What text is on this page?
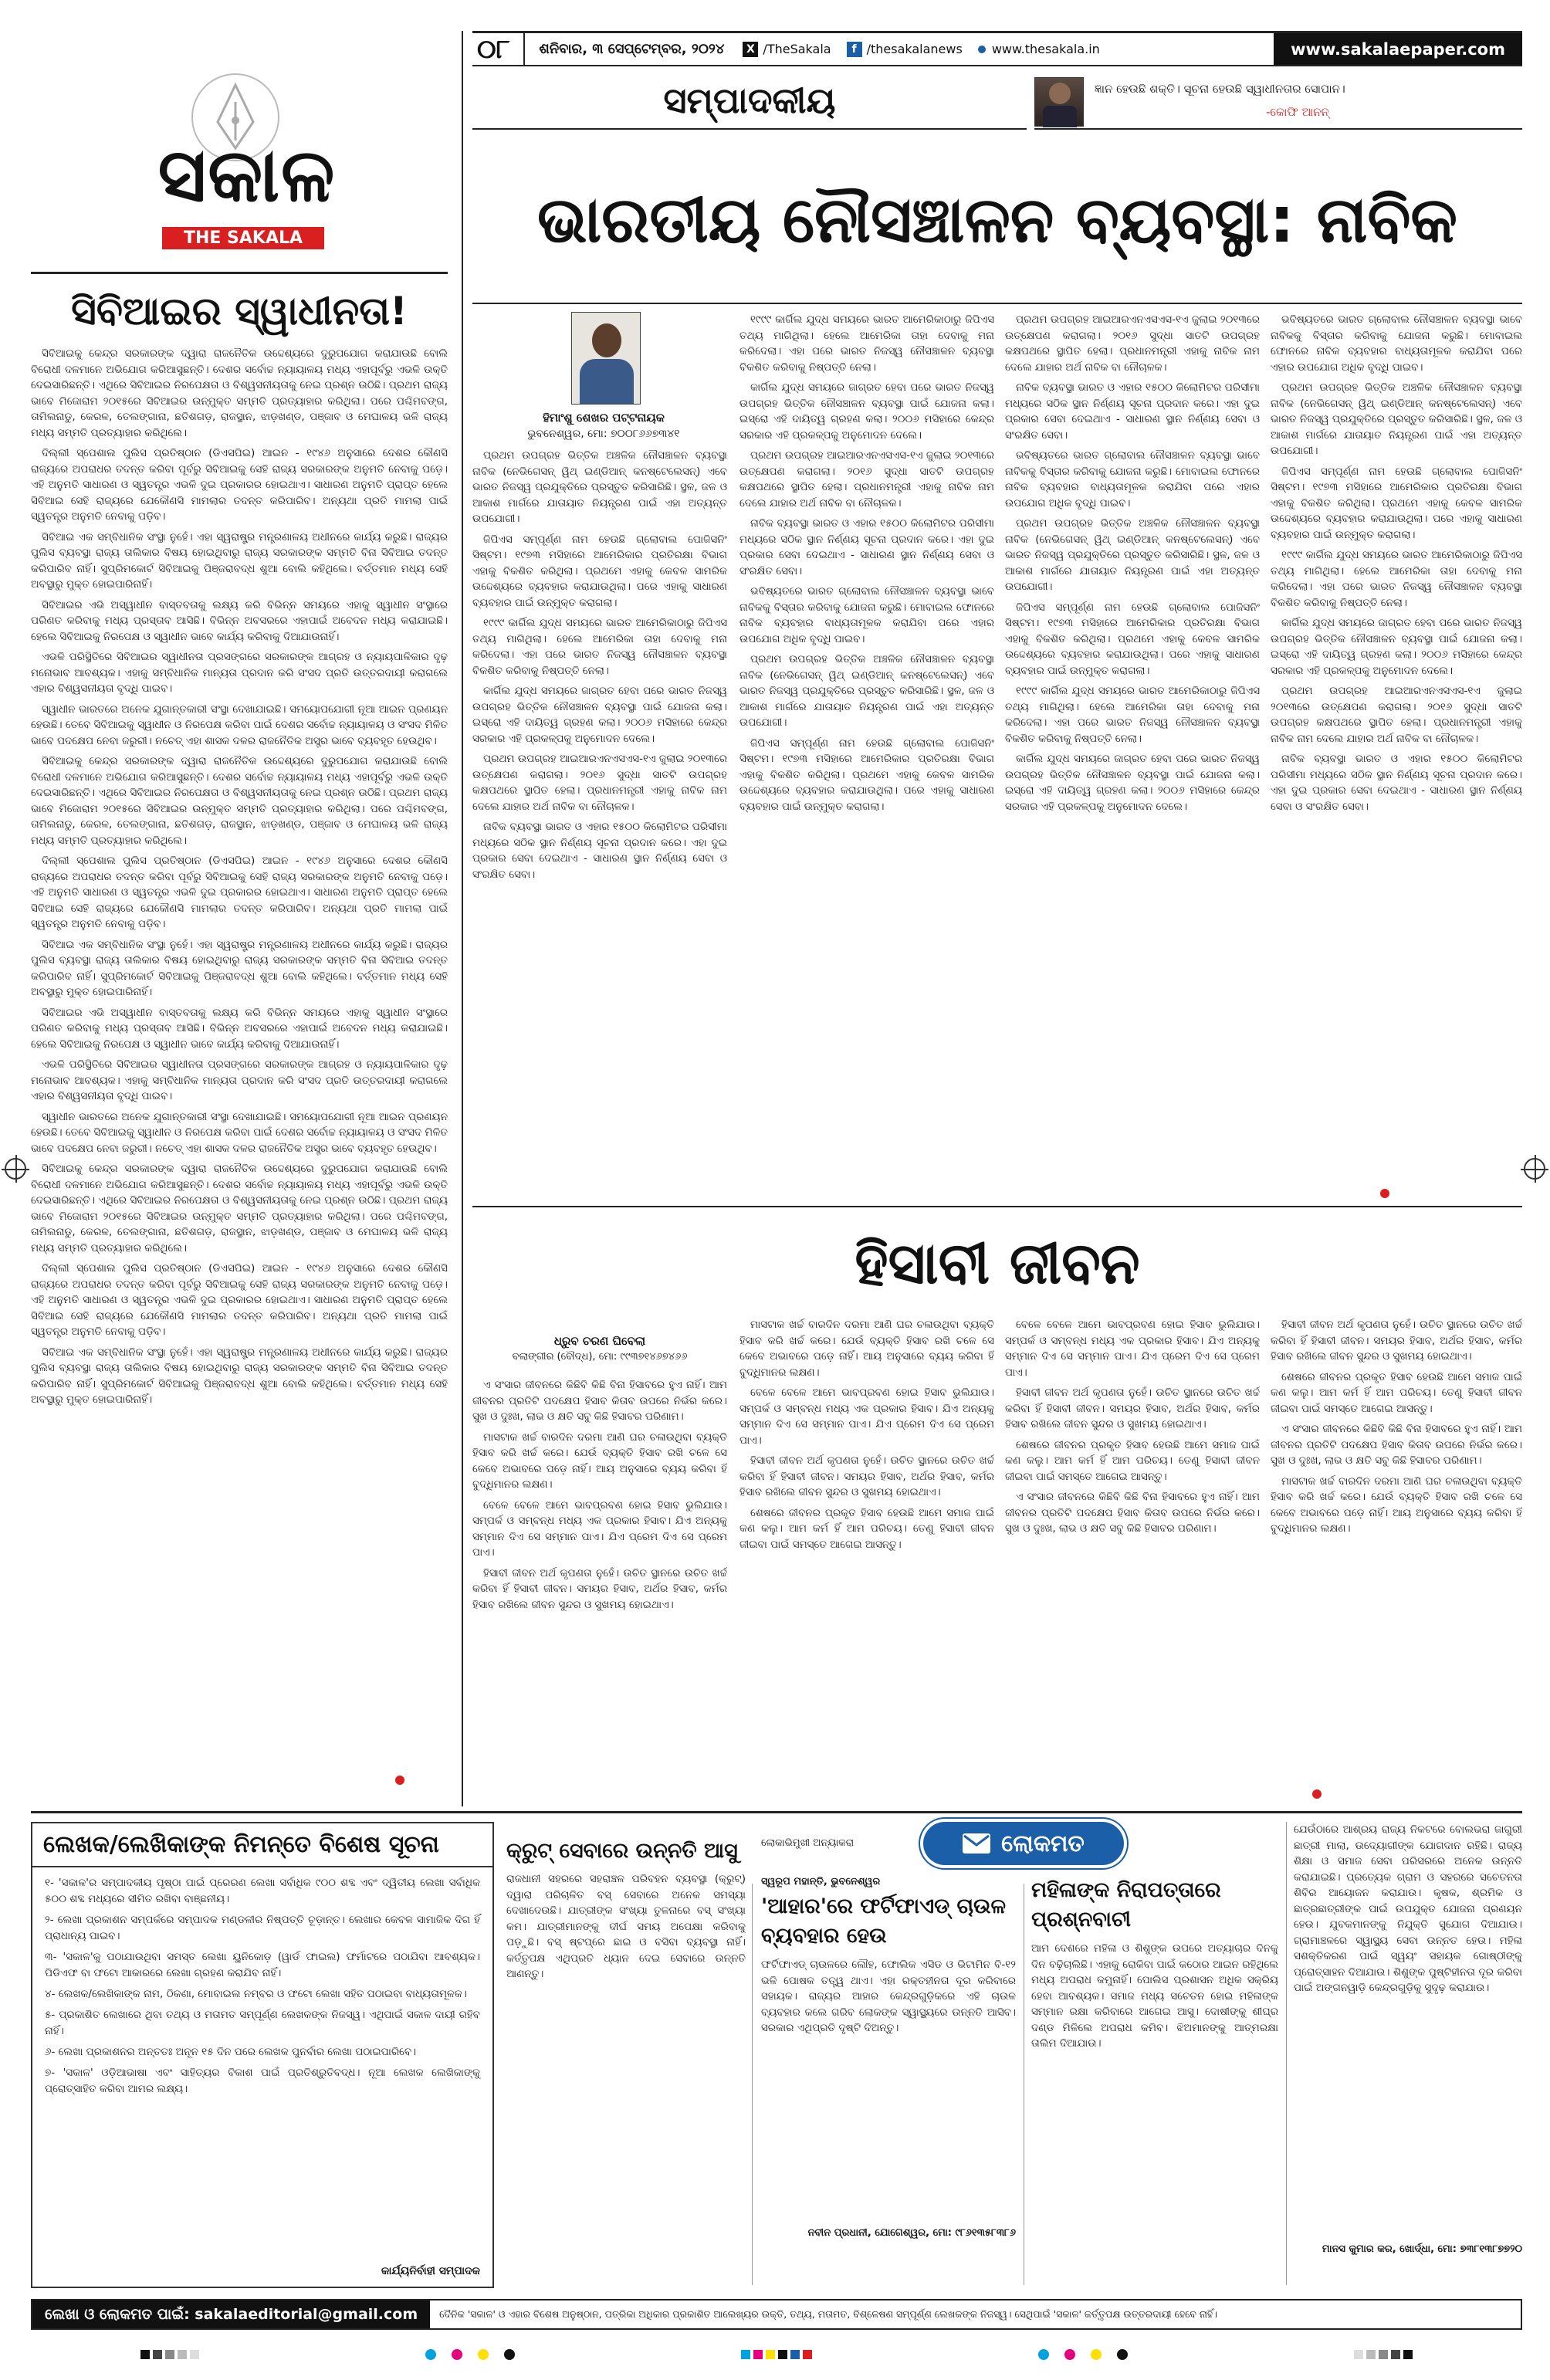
୦୮	ଶନିବାର, ୩ ସେପ୍ଟେମ୍ବର, ୨୦୨୪	X /TheSakala	f /thesakalanews	www.thesakala.in	www.sakalaepaper.com
ସକାଳ
THE SAKALA
ସିବିଆଇର ସ୍ୱାଧୀନତା!

ସିବିଆଇକୁ କେନ୍ଦ୍ର ସରକାରଙ୍କ ଦ୍ୱାରା ରାଜନୈତିକ ଉଦ୍ଦେଶ୍ୟରେ ଦୁରୁପଯୋଗ କରାଯାଉଛି ବୋଲି ବିରୋଧୀ ଦଳମାନେ ଅଭିଯୋଗ କରିଆସୁଛନ୍ତି। ଦେଶର ସର୍ବୋଚ୍ଚ ନ୍ୟାୟାଳୟ ମଧ୍ୟ ଏହାପୂର୍ବରୁ ଏଭଳି ଉକ୍ତି ଦେଇସାରିଛନ୍ତି। ଏଥିରେ ସିବିଆଇର ନିରପେକ୍ଷତା ଓ ବିଶ୍ୱସନୀୟତାକୁ ନେଇ ପ୍ରଶ୍ନ ଉଠିଛି। ପ୍ରଥମ ରାଜ୍ୟ ଭାବେ ମିଜୋରାମ ୨୦୧୫ରେ ସିବିଆଇର ଉନ୍ମୁକ୍ତ ସମ୍ମତି ପ୍ରତ୍ୟାହାର କରିଥିଲା। ପରେ ପଶ୍ଚିମବଙ୍ଗ, ତାମିଲନାଡୁ, କେରଳ, ତେଲଙ୍ଗାନା, ଛତିଶଗଡ଼, ରାଜସ୍ଥାନ, ଝାଡ଼ଖଣ୍ଡ, ପଞ୍ଜାବ ଓ ମେଘାଳୟ ଭଳି ରାଜ୍ୟ ମଧ୍ୟ ସମ୍ମତି ପ୍ରତ୍ୟାହାର କରିଥିଲେ।

ଦିଲ୍ଲୀ ସ୍ପେଶାଲ ପୁଲିସ ପ୍ରତିଷ୍ଠାନ (ଡିଏସପିଇ) ଆଇନ - ୧୯୪୬ ଅନୁସାରେ ଦେଶର କୌଣସି ରାଜ୍ୟରେ ଅପରାଧର ତଦନ୍ତ କରିବା ପୂର୍ବରୁ ସିବିଆଇକୁ ସେହି ରାଜ୍ୟ ସରକାରଙ୍କ ଅନୁମତି ନେବାକୁ ପଡ଼େ। ଏହି ଅନୁମତି ସାଧାରଣ ଓ ସ୍ୱତନ୍ତ୍ର ଏଭଳି ଦୁଇ ପ୍ରକାରର ହୋଇଥାଏ। ସାଧାରଣ ଅନୁମତି ପ୍ରାପ୍ତ ହେଲେ ସିବିଆଇ ସେହି ରାଜ୍ୟରେ ଯେକୌଣସି ମାମଲାର ତଦନ୍ତ କରିପାରିବ। ଅନ୍ୟଥା ପ୍ରତି ମାମଲା ପାଇଁ ସ୍ୱତନ୍ତ୍ର ଅନୁମତି ନେବାକୁ ପଡ଼ିବ।

ସିବିଆଇ ଏକ ସମ୍ବିଧାନିକ ସଂସ୍ଥା ନୁହେଁ। ଏହା ସ୍ୱରାଷ୍ଟ୍ର ମନ୍ତ୍ରଣାଳୟ ଅଧୀନରେ କାର୍ଯ୍ୟ କରୁଛି। ରାଜ୍ୟର ପୁଲିସ ବ୍ୟବସ୍ଥା ରାଜ୍ୟ ତାଲିକାର ବିଷୟ ହୋଇଥିବାରୁ ରାଜ୍ୟ ସରକାରଙ୍କ ସମ୍ମତି ବିନା ସିବିଆଇ ତଦନ୍ତ କରିପାରିବ ନାହିଁ। ସୁପ୍ରିମକୋର୍ଟ ସିବିଆଇକୁ ପିଞ୍ଜରାବଦ୍ଧ ଶୁଆ ବୋଲି କହିଥିଲେ। ବର୍ତ୍ତମାନ ମଧ୍ୟ ସେହି ଅବସ୍ଥାରୁ ମୁକ୍ତ ହୋଇପାରିନାହିଁ।

ସିବିଆଇର ଏଭି ଅସ୍ୱାଧୀନ ବାସ୍ତବତାକୁ ଲକ୍ଷ୍ୟ କରି ବିଭିନ୍ନ ସମୟରେ ଏହାକୁ ସ୍ୱାଧୀନ ସଂସ୍ଥାରେ ପରିଣତ କରିବାକୁ ମଧ୍ୟ ପ୍ରସ୍ତାବ ଆସିଛି। ବିଭିନ୍ନ ଅବସରରେ ଏହାପାଇଁ ଅବେଦନ ମଧ୍ୟ କରାଯାଇଛି। ହେଲେ ସିବିଆଇକୁ ନିରପେକ୍ଷ ଓ ସ୍ୱାଧୀନ ଭାବେ କାର୍ଯ୍ୟ କରିବାକୁ ଦିଆଯାଉନାହିଁ।

ଏଭଳି ପରିସ୍ଥିତିରେ ସିବିଆଇର ସ୍ୱାଧୀନତା ପ୍ରସଙ୍ଗରେ ସରକାରଙ୍କ ଆଗ୍ରହ ଓ ନ୍ୟାୟପାଳିକାର ଦୃଢ଼ ମନୋଭାବ ଆବଶ୍ୟକ। ଏହାକୁ ସମ୍ବିଧାନିକ ମାନ୍ୟତା ପ୍ରଦାନ କରି ସଂସଦ ପ୍ରତି ଉତ୍ତରଦାୟୀ କରାଗଲେ ଏହାର ବିଶ୍ୱସନୀୟତା ବୃଦ୍ଧି ପାଇବ।

ସ୍ୱାଧୀନ ଭାରତରେ ଅନେକ ଯୁଗାନ୍ତକାରୀ ସଂସ୍ଥା ଦେଖାଯାଇଛି। ସମୟୋପଯୋଗୀ ନୂଆ ଆଇନ ପ୍ରଣୟନ ହେଉଛି। ତେବେ ସିବିଆଇକୁ ସ୍ୱାଧୀନ ଓ ନିରପେକ୍ଷ କରିବା ପାଇଁ ଦେଶର ସର୍ବୋଚ୍ଚ ନ୍ୟାୟାଳୟ ଓ ସଂସଦ ମିଳିତ ଭାବେ ପଦକ୍ଷେପ ନେବା ଜରୁରୀ। ନଚେତ୍ ଏହା ଶାସକ ଦଳର ରାଜନୈତିକ ଅସ୍ତ୍ର ଭାବେ ବ୍ୟବହୃତ ହେଉଥିବ।

ସିବିଆଇକୁ କେନ୍ଦ୍ର ସରକାରଙ୍କ ଦ୍ୱାରା ରାଜନୈତିକ ଉଦ୍ଦେଶ୍ୟରେ ଦୁରୁପଯୋଗ କରାଯାଉଛି ବୋଲି ବିରୋଧୀ ଦଳମାନେ ଅଭିଯୋଗ କରିଆସୁଛନ୍ତି। ଦେଶର ସର୍ବୋଚ୍ଚ ନ୍ୟାୟାଳୟ ମଧ୍ୟ ଏହାପୂର୍ବରୁ ଏଭଳି ଉକ୍ତି ଦେଇସାରିଛନ୍ତି। ଏଥିରେ ସିବିଆଇର ନିରପେକ୍ଷତା ଓ ବିଶ୍ୱସନୀୟତାକୁ ନେଇ ପ୍ରଶ୍ନ ଉଠିଛି। ପ୍ରଥମ ରାଜ୍ୟ ଭାବେ ମିଜୋରାମ ୨୦୧୫ରେ ସିବିଆଇର ଉନ୍ମୁକ୍ତ ସମ୍ମତି ପ୍ରତ୍ୟାହାର କରିଥିଲା। ପରେ ପଶ୍ଚିମବଙ୍ଗ, ତାମିଲନାଡୁ, କେରଳ, ତେଲଙ୍ଗାନା, ଛତିଶଗଡ଼, ରାଜସ୍ଥାନ, ଝାଡ଼ଖଣ୍ଡ, ପଞ୍ଜାବ ଓ ମେଘାଳୟ ଭଳି ରାଜ୍ୟ ମଧ୍ୟ ସମ୍ମତି ପ୍ରତ୍ୟାହାର କରିଥିଲେ।

ଦିଲ୍ଲୀ ସ୍ପେଶାଲ ପୁଲିସ ପ୍ରତିଷ୍ଠାନ (ଡିଏସପିଇ) ଆଇନ - ୧୯୪୬ ଅନୁସାରେ ଦେଶର କୌଣସି ରାଜ୍ୟରେ ଅପରାଧର ତଦନ୍ତ କରିବା ପୂର୍ବରୁ ସିବିଆଇକୁ ସେହି ରାଜ୍ୟ ସରକାରଙ୍କ ଅନୁମତି ନେବାକୁ ପଡ଼େ। ଏହି ଅନୁମତି ସାଧାରଣ ଓ ସ୍ୱତନ୍ତ୍ର ଏଭଳି ଦୁଇ ପ୍ରକାରର ହୋଇଥାଏ। ସାଧାରଣ ଅନୁମତି ପ୍ରାପ୍ତ ହେଲେ ସିବିଆଇ ସେହି ରାଜ୍ୟରେ ଯେକୌଣସି ମାମଲାର ତଦନ୍ତ କରିପାରିବ। ଅନ୍ୟଥା ପ୍ରତି ମାମଲା ପାଇଁ ସ୍ୱତନ୍ତ୍ର ଅନୁମତି ନେବାକୁ ପଡ଼ିବ।

ସିବିଆଇ ଏକ ସମ୍ବିଧାନିକ ସଂସ୍ଥା ନୁହେଁ। ଏହା ସ୍ୱରାଷ୍ଟ୍ର ମନ୍ତ୍ରଣାଳୟ ଅଧୀନରେ କାର୍ଯ୍ୟ କରୁଛି। ରାଜ୍ୟର ପୁଲିସ ବ୍ୟବସ୍ଥା ରାଜ୍ୟ ତାଲିକାର ବିଷୟ ହୋଇଥିବାରୁ ରାଜ୍ୟ ସରକାରଙ୍କ ସମ୍ମତି ବିନା ସିବିଆଇ ତଦନ୍ତ କରିପାରିବ ନାହିଁ। ସୁପ୍ରିମକୋର୍ଟ ସିବିଆଇକୁ ପିଞ୍ଜରାବଦ୍ଧ ଶୁଆ ବୋଲି କହିଥିଲେ। ବର୍ତ୍ତମାନ ମଧ୍ୟ ସେହି ଅବସ୍ଥାରୁ ମୁକ୍ତ ହୋଇପାରିନାହିଁ।

ସିବିଆଇର ଏଭି ଅସ୍ୱାଧୀନ ବାସ୍ତବତାକୁ ଲକ୍ଷ୍ୟ କରି ବିଭିନ୍ନ ସମୟରେ ଏହାକୁ ସ୍ୱାଧୀନ ସଂସ୍ଥାରେ ପରିଣତ କରିବାକୁ ମଧ୍ୟ ପ୍ରସ୍ତାବ ଆସିଛି। ବିଭିନ୍ନ ଅବସରରେ ଏହାପାଇଁ ଅବେଦନ ମଧ୍ୟ କରାଯାଇଛି। ହେଲେ ସିବିଆଇକୁ ନିରପେକ୍ଷ ଓ ସ୍ୱାଧୀନ ଭାବେ କାର୍ଯ୍ୟ କରିବାକୁ ଦିଆଯାଉନାହିଁ।

ଏଭଳି ପରିସ୍ଥିତିରେ ସିବିଆଇର ସ୍ୱାଧୀନତା ପ୍ରସଙ୍ଗରେ ସରକାରଙ୍କ ଆଗ୍ରହ ଓ ନ୍ୟାୟପାଳିକାର ଦୃଢ଼ ମନୋଭାବ ଆବଶ୍ୟକ। ଏହାକୁ ସମ୍ବିଧାନିକ ମାନ୍ୟତା ପ୍ରଦାନ କରି ସଂସଦ ପ୍ରତି ଉତ୍ତରଦାୟୀ କରାଗଲେ ଏହାର ବିଶ୍ୱସନୀୟତା ବୃଦ୍ଧି ପାଇବ।

ସ୍ୱାଧୀନ ଭାରତରେ ଅନେକ ଯୁଗାନ୍ତକାରୀ ସଂସ୍ଥା ଦେଖାଯାଇଛି। ସମୟୋପଯୋଗୀ ନୂଆ ଆଇନ ପ୍ରଣୟନ ହେଉଛି। ତେବେ ସିବିଆଇକୁ ସ୍ୱାଧୀନ ଓ ନିରପେକ୍ଷ କରିବା ପାଇଁ ଦେଶର ସର୍ବୋଚ୍ଚ ନ୍ୟାୟାଳୟ ଓ ସଂସଦ ମିଳିତ ଭାବେ ପଦକ୍ଷେପ ନେବା ଜରୁରୀ। ନଚେତ୍ ଏହା ଶାସକ ଦଳର ରାଜନୈତିକ ଅସ୍ତ୍ର ଭାବେ ବ୍ୟବହୃତ ହେଉଥିବ।

ସିବିଆଇକୁ କେନ୍ଦ୍ର ସରକାରଙ୍କ ଦ୍ୱାରା ରାଜନୈତିକ ଉଦ୍ଦେଶ୍ୟରେ ଦୁରୁପଯୋଗ କରାଯାଉଛି ବୋଲି ବିରୋଧୀ ଦଳମାନେ ଅଭିଯୋଗ କରିଆସୁଛନ୍ତି। ଦେଶର ସର୍ବୋଚ୍ଚ ନ୍ୟାୟାଳୟ ମଧ୍ୟ ଏହାପୂର୍ବରୁ ଏଭଳି ଉକ୍ତି ଦେଇସାରିଛନ୍ତି। ଏଥିରେ ସିବିଆଇର ନିରପେକ୍ଷତା ଓ ବିଶ୍ୱସନୀୟତାକୁ ନେଇ ପ୍ରଶ୍ନ ଉଠିଛି। ପ୍ରଥମ ରାଜ୍ୟ ଭାବେ ମିଜୋରାମ ୨୦୧୫ରେ ସିବିଆଇର ଉନ୍ମୁକ୍ତ ସମ୍ମତି ପ୍ରତ୍ୟାହାର କରିଥିଲା। ପରେ ପଶ୍ଚିମବଙ୍ଗ, ତାମିଲନାଡୁ, କେରଳ, ତେଲଙ୍ଗାନା, ଛତିଶଗଡ଼, ରାଜସ୍ଥାନ, ଝାଡ଼ଖଣ୍ଡ, ପଞ୍ଜାବ ଓ ମେଘାଳୟ ଭଳି ରାଜ୍ୟ ମଧ୍ୟ ସମ୍ମତି ପ୍ରତ୍ୟାହାର କରିଥିଲେ।

ଦିଲ୍ଲୀ ସ୍ପେଶାଲ ପୁଲିସ ପ୍ରତିଷ୍ଠାନ (ଡିଏସପିଇ) ଆଇନ - ୧୯୪୬ ଅନୁସାରେ ଦେଶର କୌଣସି ରାଜ୍ୟରେ ଅପରାଧର ତଦନ୍ତ କରିବା ପୂର୍ବରୁ ସିବିଆଇକୁ ସେହି ରାଜ୍ୟ ସରକାରଙ୍କ ଅନୁମତି ନେବାକୁ ପଡ଼େ। ଏହି ଅନୁମତି ସାଧାରଣ ଓ ସ୍ୱତନ୍ତ୍ର ଏଭଳି ଦୁଇ ପ୍ରକାରର ହୋଇଥାଏ। ସାଧାରଣ ଅନୁମତି ପ୍ରାପ୍ତ ହେଲେ ସିବିଆଇ ସେହି ରାଜ୍ୟରେ ଯେକୌଣସି ମାମଲାର ତଦନ୍ତ କରିପାରିବ। ଅନ୍ୟଥା ପ୍ରତି ମାମଲା ପାଇଁ ସ୍ୱତନ୍ତ୍ର ଅନୁମତି ନେବାକୁ ପଡ଼ିବ।

ସିବିଆଇ ଏକ ସମ୍ବିଧାନିକ ସଂସ୍ଥା ନୁହେଁ। ଏହା ସ୍ୱରାଷ୍ଟ୍ର ମନ୍ତ୍ରଣାଳୟ ଅଧୀନରେ କାର୍ଯ୍ୟ କରୁଛି। ରାଜ୍ୟର ପୁଲିସ ବ୍ୟବସ୍ଥା ରାଜ୍ୟ ତାଲିକାର ବିଷୟ ହୋଇଥିବାରୁ ରାଜ୍ୟ ସରକାରଙ୍କ ସମ୍ମତି ବିନା ସିବିଆଇ ତଦନ୍ତ କରିପାରିବ ନାହିଁ। ସୁପ୍ରିମକୋର୍ଟ ସିବିଆଇକୁ ପିଞ୍ଜରାବଦ୍ଧ ଶୁଆ ବୋଲି କହିଥିଲେ। ବର୍ତ୍ତମାନ ମଧ୍ୟ ସେହି ଅବସ୍ଥାରୁ ମୁକ୍ତ ହୋଇପାରିନାହିଁ।

ସମ୍ପାଦକୀୟ	ଜ୍ଞାନ ହେଉଛି ଶକ୍ତି। ସୂଚନା ହେଉଛି ସ୍ୱାଧୀନତାର ସୋପାନ।
-କୋଫି ଆନନ୍
ଭାରତୀୟ ନୌସଞ୍ଚାଳନ ବ୍ୟବସ୍ଥା: ନାବିକ
ହିମାଂଶୁ ଶେଖର ପଟ୍ଟନାୟକ
ଭୁବନେଶ୍ୱର, ମୋ: ୭୦୦୮୬୬୭୩୪୧

ପ୍ରଥମ ଉପଗ୍ରହ ଭିତ୍ତିକ ଅଞ୍ଚଳିକ ନୌସଞ୍ଚାଳନ ବ୍ୟବସ୍ଥା ନାବିକ (ନେଭିଗେସନ୍ ୱିଥ୍ ଇଣ୍ଡିଆନ୍ କନଷ୍ଟେଲେସନ୍) ଏବେ ଭାରତ ନିଜସ୍ୱ ପ୍ରଯୁକ୍ତିରେ ପ୍ରସ୍ତୁତ କରିସାରିଛି। ସ୍ଥଳ, ଜଳ ଓ ଆକାଶ ମାର୍ଗରେ ଯାତାୟାତ ନିୟନ୍ତ୍ରଣ ପାଇଁ ଏହା ଅତ୍ୟନ୍ତ ଉପଯୋଗୀ।

ଜିପିଏସ ସମ୍ପୂର୍ଣ୍ଣ ନାମ ହେଉଛି ଗ୍ଲୋବାଲ ପୋଜିସନିଂ ସିଷ୍ଟମ। ୧୯୭୩ ମସିହାରେ ଆମେରିକାର ପ୍ରତିରକ୍ଷା ବିଭାଗ ଏହାକୁ ବିକଶିତ କରିଥିଲା। ପ୍ରଥମେ ଏହାକୁ କେବଳ ସାମରିକ ଉଦ୍ଦେଶ୍ୟରେ ବ୍ୟବହାର କରାଯାଉଥିଲା। ପରେ ଏହାକୁ ସାଧାରଣ ବ୍ୟବହାର ପାଇଁ ଉନ୍ମୁକ୍ତ କରାଗଲା।

୧୯୯୯ କାର୍ଗିଲ ଯୁଦ୍ଧ ସମୟରେ ଭାରତ ଆମେରିକାଠାରୁ ଜିପିଏସ ତଥ୍ୟ ମାଗିଥିଲା। ହେଲେ ଆମେରିକା ତାହା ଦେବାକୁ ମନା କରିଦେଲା। ଏହା ପରେ ଭାରତ ନିଜସ୍ୱ ନୌସଞ୍ଚାଳନ ବ୍ୟବସ୍ଥା ବିକଶିତ କରିବାକୁ ନିଷ୍ପତ୍ତି ନେଲା।

କାର୍ଗିଲ ଯୁଦ୍ଧ ସମୟରେ ଜାଗ୍ରତ ହେବା ପରେ ଭାରତ ନିଜସ୍ୱ ଉପଗ୍ରହ ଭିତ୍ତିକ ନୌସଞ୍ଚାଳନ ବ୍ୟବସ୍ଥା ପାଇଁ ଯୋଜନା କଲା। ଇସ୍ରୋ ଏହି ଦାୟିତ୍ୱ ଗ୍ରହଣ କଲା। ୨୦୦୬ ମସିହାରେ କେନ୍ଦ୍ର ସରକାର ଏହି ପ୍ରକଳ୍ପକୁ ଅନୁମୋଦନ ଦେଲେ।

ପ୍ରଥମ ଉପଗ୍ରହ ଆଇଆରଏନଏସଏସ-୧ଏ ଜୁଲାଇ ୨୦୧୩ରେ ଉତ୍କ୍ଷେପଣ କରାଗଲା। ୨୦୧୬ ସୁଦ୍ଧା ସାତଟି ଉପଗ୍ରହ କକ୍ଷପଥରେ ସ୍ଥାପିତ ହେଲା। ପ୍ରଧାନମନ୍ତ୍ରୀ ଏହାକୁ ନାବିକ ନାମ ଦେଲେ ଯାହାର ଅର୍ଥ ନାବିକ ବା ନୌଚାଳକ।

ନାବିକ ବ୍ୟବସ୍ଥା ଭାରତ ଓ ଏହାର ୧୫୦୦ କିଲୋମିଟର ପରିସୀମା ମଧ୍ୟରେ ସଠିକ ସ୍ଥାନ ନିର୍ଣ୍ଣୟ ସୂଚନା ପ୍ରଦାନ କରେ। ଏହା ଦୁଇ ପ୍ରକାର ସେବା ଦେଇଥାଏ - ସାଧାରଣ ସ୍ଥାନ ନିର୍ଣ୍ଣୟ ସେବା ଓ ସଂରକ୍ଷିତ ସେବା।

୧୯୯୯ କାର୍ଗିଲ ଯୁଦ୍ଧ ସମୟରେ ଭାରତ ଆମେରିକାଠାରୁ ଜିପିଏସ ତଥ୍ୟ ମାଗିଥିଲା। ହେଲେ ଆମେରିକା ତାହା ଦେବାକୁ ମନା କରିଦେଲା। ଏହା ପରେ ଭାରତ ନିଜସ୍ୱ ନୌସଞ୍ଚାଳନ ବ୍ୟବସ୍ଥା ବିକଶିତ କରିବାକୁ ନିଷ୍ପତ୍ତି ନେଲା।

କାର୍ଗିଲ ଯୁଦ୍ଧ ସମୟରେ ଜାଗ୍ରତ ହେବା ପରେ ଭାରତ ନିଜସ୍ୱ ଉପଗ୍ରହ ଭିତ୍ତିକ ନୌସଞ୍ଚାଳନ ବ୍ୟବସ୍ଥା ପାଇଁ ଯୋଜନା କଲା। ଇସ୍ରୋ ଏହି ଦାୟିତ୍ୱ ଗ୍ରହଣ କଲା। ୨୦୦୬ ମସିହାରେ କେନ୍ଦ୍ର ସରକାର ଏହି ପ୍ରକଳ୍ପକୁ ଅନୁମୋଦନ ଦେଲେ।

ପ୍ରଥମ ଉପଗ୍ରହ ଆଇଆରଏନଏସଏସ-୧ଏ ଜୁଲାଇ ୨୦୧୩ରେ ଉତ୍କ୍ଷେପଣ କରାଗଲା। ୨୦୧୬ ସୁଦ୍ଧା ସାତଟି ଉପଗ୍ରହ କକ୍ଷପଥରେ ସ୍ଥାପିତ ହେଲା। ପ୍ରଧାନମନ୍ତ୍ରୀ ଏହାକୁ ନାବିକ ନାମ ଦେଲେ ଯାହାର ଅର୍ଥ ନାବିକ ବା ନୌଚାଳକ।

ନାବିକ ବ୍ୟବସ୍ଥା ଭାରତ ଓ ଏହାର ୧୫୦୦ କିଲୋମିଟର ପରିସୀମା ମଧ୍ୟରେ ସଠିକ ସ୍ଥାନ ନିର୍ଣ୍ଣୟ ସୂଚନା ପ୍ରଦାନ କରେ। ଏହା ଦୁଇ ପ୍ରକାର ସେବା ଦେଇଥାଏ - ସାଧାରଣ ସ୍ଥାନ ନିର୍ଣ୍ଣୟ ସେବା ଓ ସଂରକ୍ଷିତ ସେବା।

ଭବିଷ୍ୟତରେ ଭାରତ ଗ୍ଲୋବାଲ ନୌସଞ୍ଚାଳନ ବ୍ୟବସ୍ଥା ଭାବେ ନାବିକକୁ ବିସ୍ତାର କରିବାକୁ ଯୋଜନା କରୁଛି। ମୋବାଇଲ ଫୋନରେ ନାବିକ ବ୍ୟବହାର ବାଧ୍ୟତାମୂଳକ କରାଯିବା ପରେ ଏହାର ଉପଯୋଗ ଅଧିକ ବୃଦ୍ଧି ପାଇବ।

ପ୍ରଥମ ଉପଗ୍ରହ ଭିତ୍ତିକ ଅଞ୍ଚଳିକ ନୌସଞ୍ଚାଳନ ବ୍ୟବସ୍ଥା ନାବିକ (ନେଭିଗେସନ୍ ୱିଥ୍ ଇଣ୍ଡିଆନ୍ କନଷ୍ଟେଲେସନ୍) ଏବେ ଭାରତ ନିଜସ୍ୱ ପ୍ରଯୁକ୍ତିରେ ପ୍ରସ୍ତୁତ କରିସାରିଛି। ସ୍ଥଳ, ଜଳ ଓ ଆକାଶ ମାର୍ଗରେ ଯାତାୟାତ ନିୟନ୍ତ୍ରଣ ପାଇଁ ଏହା ଅତ୍ୟନ୍ତ ଉପଯୋଗୀ।

ଜିପିଏସ ସମ୍ପୂର୍ଣ୍ଣ ନାମ ହେଉଛି ଗ୍ଲୋବାଲ ପୋଜିସନିଂ ସିଷ୍ଟମ। ୧୯୭୩ ମସିହାରେ ଆମେରିକାର ପ୍ରତିରକ୍ଷା ବିଭାଗ ଏହାକୁ ବିକଶିତ କରିଥିଲା। ପ୍ରଥମେ ଏହାକୁ କେବଳ ସାମରିକ ଉଦ୍ଦେଶ୍ୟରେ ବ୍ୟବହାର କରାଯାଉଥିଲା। ପରେ ଏହାକୁ ସାଧାରଣ ବ୍ୟବହାର ପାଇଁ ଉନ୍ମୁକ୍ତ କରାଗଲା।

ପ୍ରଥମ ଉପଗ୍ରହ ଆଇଆରଏନଏସଏସ-୧ଏ ଜୁଲାଇ ୨୦୧୩ରେ ଉତ୍କ୍ଷେପଣ କରାଗଲା। ୨୦୧୬ ସୁଦ୍ଧା ସାତଟି ଉପଗ୍ରହ କକ୍ଷପଥରେ ସ୍ଥାପିତ ହେଲା। ପ୍ରଧାନମନ୍ତ୍ରୀ ଏହାକୁ ନାବିକ ନାମ ଦେଲେ ଯାହାର ଅର୍ଥ ନାବିକ ବା ନୌଚାଳକ।

ନାବିକ ବ୍ୟବସ୍ଥା ଭାରତ ଓ ଏହାର ୧୫୦୦ କିଲୋମିଟର ପରିସୀମା ମଧ୍ୟରେ ସଠିକ ସ୍ଥାନ ନିର୍ଣ୍ଣୟ ସୂଚନା ପ୍ରଦାନ କରେ। ଏହା ଦୁଇ ପ୍ରକାର ସେବା ଦେଇଥାଏ - ସାଧାରଣ ସ୍ଥାନ ନିର୍ଣ୍ଣୟ ସେବା ଓ ସଂରକ୍ଷିତ ସେବା।

ଭବିଷ୍ୟତରେ ଭାରତ ଗ୍ଲୋବାଲ ନୌସଞ୍ଚାଳନ ବ୍ୟବସ୍ଥା ଭାବେ ନାବିକକୁ ବିସ୍ତାର କରିବାକୁ ଯୋଜନା କରୁଛି। ମୋବାଇଲ ଫୋନରେ ନାବିକ ବ୍ୟବହାର ବାଧ୍ୟତାମୂଳକ କରାଯିବା ପରେ ଏହାର ଉପଯୋଗ ଅଧିକ ବୃଦ୍ଧି ପାଇବ।

ପ୍ରଥମ ଉପଗ୍ରହ ଭିତ୍ତିକ ଅଞ୍ଚଳିକ ନୌସଞ୍ଚାଳନ ବ୍ୟବସ୍ଥା ନାବିକ (ନେଭିଗେସନ୍ ୱିଥ୍ ଇଣ୍ଡିଆନ୍ କନଷ୍ଟେଲେସନ୍) ଏବେ ଭାରତ ନିଜସ୍ୱ ପ୍ରଯୁକ୍ତିରେ ପ୍ରସ୍ତୁତ କରିସାରିଛି। ସ୍ଥଳ, ଜଳ ଓ ଆକାଶ ମାର୍ଗରେ ଯାତାୟାତ ନିୟନ୍ତ୍ରଣ ପାଇଁ ଏହା ଅତ୍ୟନ୍ତ ଉପଯୋଗୀ।

ଜିପିଏସ ସମ୍ପୂର୍ଣ୍ଣ ନାମ ହେଉଛି ଗ୍ଲୋବାଲ ପୋଜିସନିଂ ସିଷ୍ଟମ। ୧୯୭୩ ମସିହାରେ ଆମେରିକାର ପ୍ରତିରକ୍ଷା ବିଭାଗ ଏହାକୁ ବିକଶିତ କରିଥିଲା। ପ୍ରଥମେ ଏହାକୁ କେବଳ ସାମରିକ ଉଦ୍ଦେଶ୍ୟରେ ବ୍ୟବହାର କରାଯାଉଥିଲା। ପରେ ଏହାକୁ ସାଧାରଣ ବ୍ୟବହାର ପାଇଁ ଉନ୍ମୁକ୍ତ କରାଗଲା।

୧୯୯୯ କାର୍ଗିଲ ଯୁଦ୍ଧ ସମୟରେ ଭାରତ ଆମେରିକାଠାରୁ ଜିପିଏସ ତଥ୍ୟ ମାଗିଥିଲା। ହେଲେ ଆମେରିକା ତାହା ଦେବାକୁ ମନା କରିଦେଲା। ଏହା ପରେ ଭାରତ ନିଜସ୍ୱ ନୌସଞ୍ଚାଳନ ବ୍ୟବସ୍ଥା ବିକଶିତ କରିବାକୁ ନିଷ୍ପତ୍ତି ନେଲା।

କାର୍ଗିଲ ଯୁଦ୍ଧ ସମୟରେ ଜାଗ୍ରତ ହେବା ପରେ ଭାରତ ନିଜସ୍ୱ ଉପଗ୍ରହ ଭିତ୍ତିକ ନୌସଞ୍ଚାଳନ ବ୍ୟବସ୍ଥା ପାଇଁ ଯୋଜନା କଲା। ଇସ୍ରୋ ଏହି ଦାୟିତ୍ୱ ଗ୍ରହଣ କଲା। ୨୦୦୬ ମସିହାରେ କେନ୍ଦ୍ର ସରକାର ଏହି ପ୍ରକଳ୍ପକୁ ଅନୁମୋଦନ ଦେଲେ।

ଭବିଷ୍ୟତରେ ଭାରତ ଗ୍ଲୋବାଲ ନୌସଞ୍ଚାଳନ ବ୍ୟବସ୍ଥା ଭାବେ ନାବିକକୁ ବିସ୍ତାର କରିବାକୁ ଯୋଜନା କରୁଛି। ମୋବାଇଲ ଫୋନରେ ନାବିକ ବ୍ୟବହାର ବାଧ୍ୟତାମୂଳକ କରାଯିବା ପରେ ଏହାର ଉପଯୋଗ ଅଧିକ ବୃଦ୍ଧି ପାଇବ।

ପ୍ରଥମ ଉପଗ୍ରହ ଭିତ୍ତିକ ଅଞ୍ଚଳିକ ନୌସଞ୍ଚାଳନ ବ୍ୟବସ୍ଥା ନାବିକ (ନେଭିଗେସନ୍ ୱିଥ୍ ଇଣ୍ଡିଆନ୍ କନଷ୍ଟେଲେସନ୍) ଏବେ ଭାରତ ନିଜସ୍ୱ ପ୍ରଯୁକ୍ତିରେ ପ୍ରସ୍ତୁତ କରିସାରିଛି। ସ୍ଥଳ, ଜଳ ଓ ଆକାଶ ମାର୍ଗରେ ଯାତାୟାତ ନିୟନ୍ତ୍ରଣ ପାଇଁ ଏହା ଅତ୍ୟନ୍ତ ଉପଯୋଗୀ।

ଜିପିଏସ ସମ୍ପୂର୍ଣ୍ଣ ନାମ ହେଉଛି ଗ୍ଲୋବାଲ ପୋଜିସନିଂ ସିଷ୍ଟମ। ୧୯୭୩ ମସିହାରେ ଆମେରିକାର ପ୍ରତିରକ୍ଷା ବିଭାଗ ଏହାକୁ ବିକଶିତ କରିଥିଲା। ପ୍ରଥମେ ଏହାକୁ କେବଳ ସାମରିକ ଉଦ୍ଦେଶ୍ୟରେ ବ୍ୟବହାର କରାଯାଉଥିଲା। ପରେ ଏହାକୁ ସାଧାରଣ ବ୍ୟବହାର ପାଇଁ ଉନ୍ମୁକ୍ତ କରାଗଲା।

୧୯୯୯ କାର୍ଗିଲ ଯୁଦ୍ଧ ସମୟରେ ଭାରତ ଆମେରିକାଠାରୁ ଜିପିଏସ ତଥ୍ୟ ମାଗିଥିଲା। ହେଲେ ଆମେରିକା ତାହା ଦେବାକୁ ମନା କରିଦେଲା। ଏହା ପରେ ଭାରତ ନିଜସ୍ୱ ନୌସଞ୍ଚାଳନ ବ୍ୟବସ୍ଥା ବିକଶିତ କରିବାକୁ ନିଷ୍ପତ୍ତି ନେଲା।

କାର୍ଗିଲ ଯୁଦ୍ଧ ସମୟରେ ଜାଗ୍ରତ ହେବା ପରେ ଭାରତ ନିଜସ୍ୱ ଉପଗ୍ରହ ଭିତ୍ତିକ ନୌସଞ୍ଚାଳନ ବ୍ୟବସ୍ଥା ପାଇଁ ଯୋଜନା କଲା। ଇସ୍ରୋ ଏହି ଦାୟିତ୍ୱ ଗ୍ରହଣ କଲା। ୨୦୦୬ ମସିହାରେ କେନ୍ଦ୍ର ସରକାର ଏହି ପ୍ରକଳ୍ପକୁ ଅନୁମୋଦନ ଦେଲେ।

ପ୍ରଥମ ଉପଗ୍ରହ ଆଇଆରଏନଏସଏସ-୧ଏ ଜୁଲାଇ ୨୦୧୩ରେ ଉତ୍କ୍ଷେପଣ କରାଗଲା। ୨୦୧୬ ସୁଦ୍ଧା ସାତଟି ଉପଗ୍ରହ କକ୍ଷପଥରେ ସ୍ଥାପିତ ହେଲା। ପ୍ରଧାନମନ୍ତ୍ରୀ ଏହାକୁ ନାବିକ ନାମ ଦେଲେ ଯାହାର ଅର୍ଥ ନାବିକ ବା ନୌଚାଳକ।

ନାବିକ ବ୍ୟବସ୍ଥା ଭାରତ ଓ ଏହାର ୧୫୦୦ କିଲୋମିଟର ପରିସୀମା ମଧ୍ୟରେ ସଠିକ ସ୍ଥାନ ନିର୍ଣ୍ଣୟ ସୂଚନା ପ୍ରଦାନ କରେ। ଏହା ଦୁଇ ପ୍ରକାର ସେବା ଦେଇଥାଏ - ସାଧାରଣ ସ୍ଥାନ ନିର୍ଣ୍ଣୟ ସେବା ଓ ସଂରକ୍ଷିତ ସେବା।

ହିସାବୀ ଜୀବନ
ଧ୍ରୁବ ଚରଣ ଘିବେଲା
ବଲାଙ୍ଗୀର (ବୌଦ୍ଧ), ମୋ: ୯୯୩୭୧୪୬୭୪୬୬

ଏ ସଂସାର ଜୀବନରେ କିଛିବି କିଛି ବିନା ହିସାବରେ ହୁଏ ନାହିଁ। ଆମ ଜୀବନର ପ୍ରତିଟି ପଦକ୍ଷେପ ହିସାବ କିତାବ ଉପରେ ନିର୍ଭର କରେ। ସୁଖ ଓ ଦୁଃଖ, ଲାଭ ଓ କ୍ଷତି ସବୁ କିଛି ହିସାବର ପରିଣାମ।

ମାସଟାକ ଖର୍ଚ୍ଚ ବାରଦିନ ଦରମା ଆଣି ଘର ଚଳାଉଥିବା ବ୍ୟକ୍ତି ହିସାବ କରି ଖର୍ଚ୍ଚ କରେ। ଯେଉଁ ବ୍ୟକ୍ତି ହିସାବ ରଖି ଚଳେ ସେ କେବେ ଅଭାବରେ ପଡ଼େ ନାହିଁ। ଆୟ ଅନୁସାରେ ବ୍ୟୟ କରିବା ହିଁ ବୁଦ୍ଧିମାନର ଲକ୍ଷଣ।

ବେଳେ ବେଳେ ଆମେ ଭାବପ୍ରବଣ ହୋଇ ହିସାବ ଭୁଲିଯାଉ। ସମ୍ପର୍କ ଓ ସମ୍ବନ୍ଧ ମଧ୍ୟ ଏକ ପ୍ରକାର ହିସାବ। ଯିଏ ଅନ୍ୟକୁ ସମ୍ମାନ ଦିଏ ସେ ସମ୍ମାନ ପାଏ। ଯିଏ ପ୍ରେମ ଦିଏ ସେ ପ୍ରେମ ପାଏ।

ହିସାବୀ ଜୀବନ ଅର୍ଥ କୃପଣତା ନୁହେଁ। ଉଚିତ ସ୍ଥାନରେ ଉଚିତ ଖର୍ଚ୍ଚ କରିବା ହିଁ ହିସାବୀ ଜୀବନ। ସମୟର ହିସାବ, ଅର୍ଥର ହିସାବ, କର୍ମର ହିସାବ ରଖିଲେ ଜୀବନ ସୁନ୍ଦର ଓ ସୁଖମୟ ହୋଇଥାଏ।

ମାସଟାକ ଖର୍ଚ୍ଚ ବାରଦିନ ଦରମା ଆଣି ଘର ଚଳାଉଥିବା ବ୍ୟକ୍ତି ହିସାବ କରି ଖର୍ଚ୍ଚ କରେ। ଯେଉଁ ବ୍ୟକ୍ତି ହିସାବ ରଖି ଚଳେ ସେ କେବେ ଅଭାବରେ ପଡ଼େ ନାହିଁ। ଆୟ ଅନୁସାରେ ବ୍ୟୟ କରିବା ହିଁ ବୁଦ୍ଧିମାନର ଲକ୍ଷଣ।

ବେଳେ ବେଳେ ଆମେ ଭାବପ୍ରବଣ ହୋଇ ହିସାବ ଭୁଲିଯାଉ। ସମ୍ପର୍କ ଓ ସମ୍ବନ୍ଧ ମଧ୍ୟ ଏକ ପ୍ରକାର ହିସାବ। ଯିଏ ଅନ୍ୟକୁ ସମ୍ମାନ ଦିଏ ସେ ସମ୍ମାନ ପାଏ। ଯିଏ ପ୍ରେମ ଦିଏ ସେ ପ୍ରେମ ପାଏ।

ହିସାବୀ ଜୀବନ ଅର୍ଥ କୃପଣତା ନୁହେଁ। ଉଚିତ ସ୍ଥାନରେ ଉଚିତ ଖର୍ଚ୍ଚ କରିବା ହିଁ ହିସାବୀ ଜୀବନ। ସମୟର ହିସାବ, ଅର୍ଥର ହିସାବ, କର୍ମର ହିସାବ ରଖିଲେ ଜୀବନ ସୁନ୍ଦର ଓ ସୁଖମୟ ହୋଇଥାଏ।

ଶେଷରେ ଜୀବନର ପ୍ରକୃତ ହିସାବ ହେଉଛି ଆମେ ସମାଜ ପାଇଁ କଣ କଲୁ। ଆମ କର୍ମ ହିଁ ଆମ ପରିଚୟ। ତେଣୁ ହିସାବୀ ଜୀବନ ଜୀଇବା ପାଇଁ ସମସ୍ତେ ଆଗେଇ ଆସନ୍ତୁ।

ବେଳେ ବେଳେ ଆମେ ଭାବପ୍ରବଣ ହୋଇ ହିସାବ ଭୁଲିଯାଉ। ସମ୍ପର୍କ ଓ ସମ୍ବନ୍ଧ ମଧ୍ୟ ଏକ ପ୍ରକାର ହିସାବ। ଯିଏ ଅନ୍ୟକୁ ସମ୍ମାନ ଦିଏ ସେ ସମ୍ମାନ ପାଏ। ଯିଏ ପ୍ରେମ ଦିଏ ସେ ପ୍ରେମ ପାଏ।

ହିସାବୀ ଜୀବନ ଅର୍ଥ କୃପଣତା ନୁହେଁ। ଉଚିତ ସ୍ଥାନରେ ଉଚିତ ଖର୍ଚ୍ଚ କରିବା ହିଁ ହିସାବୀ ଜୀବନ। ସମୟର ହିସାବ, ଅର୍ଥର ହିସାବ, କର୍ମର ହିସାବ ରଖିଲେ ଜୀବନ ସୁନ୍ଦର ଓ ସୁଖମୟ ହୋଇଥାଏ।

ଶେଷରେ ଜୀବନର ପ୍ରକୃତ ହିସାବ ହେଉଛି ଆମେ ସମାଜ ପାଇଁ କଣ କଲୁ। ଆମ କର୍ମ ହିଁ ଆମ ପରିଚୟ। ତେଣୁ ହିସାବୀ ଜୀବନ ଜୀଇବା ପାଇଁ ସମସ୍ତେ ଆଗେଇ ଆସନ୍ତୁ।

ଏ ସଂସାର ଜୀବନରେ କିଛିବି କିଛି ବିନା ହିସାବରେ ହୁଏ ନାହିଁ। ଆମ ଜୀବନର ପ୍ରତିଟି ପଦକ୍ଷେପ ହିସାବ କିତାବ ଉପରେ ନିର୍ଭର କରେ। ସୁଖ ଓ ଦୁଃଖ, ଲାଭ ଓ କ୍ଷତି ସବୁ କିଛି ହିସାବର ପରିଣାମ।

ହିସାବୀ ଜୀବନ ଅର୍ଥ କୃପଣତା ନୁହେଁ। ଉଚିତ ସ୍ଥାନରେ ଉଚିତ ଖର୍ଚ୍ଚ କରିବା ହିଁ ହିସାବୀ ଜୀବନ। ସମୟର ହିସାବ, ଅର୍ଥର ହିସାବ, କର୍ମର ହିସାବ ରଖିଲେ ଜୀବନ ସୁନ୍ଦର ଓ ସୁଖମୟ ହୋଇଥାଏ।

ଶେଷରେ ଜୀବନର ପ୍ରକୃତ ହିସାବ ହେଉଛି ଆମେ ସମାଜ ପାଇଁ କଣ କଲୁ। ଆମ କର୍ମ ହିଁ ଆମ ପରିଚୟ। ତେଣୁ ହିସାବୀ ଜୀବନ ଜୀଇବା ପାଇଁ ସମସ୍ତେ ଆଗେଇ ଆସନ୍ତୁ।

ଏ ସଂସାର ଜୀବନରେ କିଛିବି କିଛି ବିନା ହିସାବରେ ହୁଏ ନାହିଁ। ଆମ ଜୀବନର ପ୍ରତିଟି ପଦକ୍ଷେପ ହିସାବ କିତାବ ଉପରେ ନିର୍ଭର କରେ। ସୁଖ ଓ ଦୁଃଖ, ଲାଭ ଓ କ୍ଷତି ସବୁ କିଛି ହିସାବର ପରିଣାମ।

ମାସଟାକ ଖର୍ଚ୍ଚ ବାରଦିନ ଦରମା ଆଣି ଘର ଚଳାଉଥିବା ବ୍ୟକ୍ତି ହିସାବ କରି ଖର୍ଚ୍ଚ କରେ। ଯେଉଁ ବ୍ୟକ୍ତି ହିସାବ ରଖି ଚଳେ ସେ କେବେ ଅଭାବରେ ପଡ଼େ ନାହିଁ। ଆୟ ଅନୁସାରେ ବ୍ୟୟ କରିବା ହିଁ ବୁଦ୍ଧିମାନର ଲକ୍ଷଣ।

ଲେଖକ/ଲେଖିକାଙ୍କ ନିମନ୍ତେ ବିଶେଷ ସୂଚନା
୧- 'ସକାଳ'ର ସମ୍ପାଦକୀୟ ପୃଷ୍ଠା ପାଇଁ ପ୍ରେରଣ ଲେଖା ସର୍ବାଧିକ ୯୦୦ ଶବ୍ଦ ଏବଂ ଦ୍ୱିତୀୟ ଲେଖା ସର୍ବାଧିକ ୫୦୦ ଶବ୍ଦ ମଧ୍ୟରେ ସୀମିତ ରଖିବା ବାଞ୍ଛନୀୟ।
୨- ଲେଖା ପ୍ରକାଶନ ସମ୍ପର୍କରେ ସମ୍ପାଦକ ମଣ୍ଡଳୀର ନିଷ୍ପତ୍ତି ଚୂଡ଼ାନ୍ତ। ଲେଖାର କେବଳ ସାମାଜିକ ଦିଗ ହିଁ ପ୍ରାଧାନ୍ୟ ପାଇବ।
୩- 'ସକାଳ'କୁ ପଠାଯାଉଥିବା ସମସ୍ତ ଲେଖା ୟୁନିକୋଡ଼ (ୱାର୍ଡ ଫାଇଲ) ଫର୍ମାଟରେ ପଠାଯିବା ଆବଶ୍ୟକ। ପିଡିଏଫ ବା ଫଟୋ ଆକାରରେ ଲେଖା ଗ୍ରହଣ କରାଯିବ ନାହିଁ।
୪- ଲେଖକ/ଲେଖିକାଙ୍କ ନାମ, ଠିକଣା, ମୋବାଇଲ ନମ୍ବର ଓ ଫଟୋ ଲେଖା ସହିତ ପଠାଇବା ବାଧ୍ୟତାମୂଳକ।
୫- ପ୍ରକାଶିତ ଲେଖାରେ ଥିବା ତଥ୍ୟ ଓ ମତାମତ ସମ୍ପୂର୍ଣ୍ଣ ଲେଖକଙ୍କ ନିଜସ୍ୱ। ଏଥିପାଇଁ ସକାଳ ଦାୟୀ ରହିବ ନାହିଁ।
୬- ଲେଖା ପ୍ରକାଶନର ଅନ୍ତତଃ ଅନୂନ ୧୫ ଦିନ ପରେ ଲେଖକ ପୁନର୍ବାର ଲେଖା ପଠାଇପାରିବେ।
୭- 'ସକାଳ' ଓଡ଼ିଆଭାଷା ଏବଂ ସାହିତ୍ୟର ବିକାଶ ପାଇଁ ପ୍ରତିଶ୍ରୁତିବଦ୍ଧ। ନୂଆ ଲେଖକ ଲେଖିକାଙ୍କୁ ପ୍ରୋତ୍ସାହିତ କରିବା ଆମର ଲକ୍ଷ୍ୟ।
କାର୍ଯ୍ୟନିର୍ବାହୀ ସମ୍ପାଦକ
ଲୋକମତ
କ୍ରୁଟ୍ ସେବାରେ ଉନ୍ନତି ଆସୁ
ରାଜଧାନୀ ସହରରେ ସହରାଞ୍ଚଳ ପରିବହନ ବ୍ୟବସ୍ଥା (କ୍ରୁଟ୍) ଦ୍ୱାରା ପରିଚାଳିତ ବସ୍ ସେବାରେ ଅନେକ ସମସ୍ୟା ଦେଖାଦେଉଛି। ଯାତ୍ରୀଙ୍କ ସଂଖ୍ୟା ତୁଳନାରେ ବସ୍ ସଂଖ୍ୟା କମ। ଯାତ୍ରୀମାନଙ୍କୁ ଦୀର୍ଘ ସମୟ ଅପେକ୍ଷା କରିବାକୁ ପଡ଼ୁଛି। ବସ୍ ଷ୍ଟପ୍‌ରେ ଛାଇ ଓ ବସିବା ବ୍ୟବସ୍ଥା ନାହିଁ। କର୍ତ୍ତୃପକ୍ଷ ଏଥିପ୍ରତି ଧ୍ୟାନ ଦେଇ ସେବାରେ ଉନ୍ନତି ଆଣନ୍ତୁ।
ଲୋକାଭିମୁଖୀ ଅନ୍ୟାକରା
ସ୍ୱରୂପ ମହାନ୍ତି, ଭୁବନେଶ୍ୱର
'ଆହାର'ରେ ଫର୍ଟିଫାଏଡ୍ ଚାଉଳ ବ୍ୟବହାର ହେଉ
ଫର୍ଟିଫାଏଡ୍ ଚାଉଳରେ ଲୌହ, ଫୋଲିକ ଏସିଡ ଓ ଭିଟାମିନ ବି-୧୨ ଭଳି ପୋଷକ ତତ୍ତ୍ୱ ଥାଏ। ଏହା ରକ୍ତହୀନତା ଦୂର କରିବାରେ ସହାୟକ। ରାଜ୍ୟର ଆହାର କେନ୍ଦ୍ରଗୁଡ଼ିକରେ ଏହି ଚାଉଳ ବ୍ୟବହାର କଲେ ଗରିବ ଲୋକଙ୍କ ସ୍ୱାସ୍ଥ୍ୟରେ ଉନ୍ନତି ଆସିବ। ସରକାର ଏଥିପ୍ରତି ଦୃଷ୍ଟି ଦିଅନ୍ତୁ।
ନବୀନ ପ୍ରଧାନୀ, ଯୋଗେଶ୍ୱର, ମୋ: ୯୮୬୧୩୫୮୩୮୬
ମହିଳାଙ୍କ ନିରାପତ୍ତାରେ ପ୍ରଶ୍ନବାଚୀ
ଆମ ଦେଶରେ ମହିଳା ଓ ଶିଶୁଙ୍କ ଉପରେ ଅତ୍ୟାଚାର ଦିନକୁ ଦିନ ବଢ଼ିଚାଲିଛି। ଏହାକୁ ରୋକିବା ପାଇଁ କଠୋର ଆଇନ ରହିଥିଲେ ମଧ୍ୟ ଅପରାଧ କମୁନାହିଁ। ପୋଲିସ ପ୍ରଶାସନ ଅଧିକ ସକ୍ରିୟ ହେବା ଆବଶ୍ୟକ। ସମାଜ ମଧ୍ୟ ସଚେତନ ହୋଇ ମହିଳାଙ୍କ ସମ୍ମାନ ରକ୍ଷା କରିବାରେ ଆଗେଇ ଆସୁ। ଦୋଷୀଙ୍କୁ ଶୀଘ୍ର ଦଣ୍ଡ ମିଳିଲେ ଅପରାଧ କମିବ। ଝିଅମାନଙ୍କୁ ଆତ୍ମରକ୍ଷା ତାଲିମ ଦିଆଯାଉ।
ଯେଉଁଠାରେ ଆଶ୍ରୟ ରାଜ୍ୟ ନିକଟରେ ବୋଲଭରା ଜାଗୁରୀ ଛାତ୍ରୀ ମାଲା, ଉଦ୍ୟୋଗୀଙ୍କ ଯୋଗଦାନ ରହିଛି। ରାଜ୍ୟ ଶିକ୍ଷା ଓ ସମାଜ ସେବା ପରିସରରେ ଅନେକ ଉନ୍ନତି କରାଯାଇଛି। ପ୍ରତ୍ୟେକ ଗ୍ରାମ ଓ ସହରରେ ସଚେତନତା ଶିବିର ଆୟୋଜନ କରାଯାଉ। କୃଷକ, ଶ୍ରମିକ ଓ ଛାତ୍ରଛାତ୍ରୀଙ୍କ ପାଇଁ ଉପଯୁକ୍ତ ଯୋଜନା ପ୍ରଣୟନ ହେଉ। ଯୁବକମାନଙ୍କୁ ନିଯୁକ୍ତି ସୁଯୋଗ ଦିଆଯାଉ। ଗ୍ରାମାଞ୍ଚଳରେ ସ୍ୱାସ୍ଥ୍ୟ ସେବା ଉନ୍ନତ ହେଉ। ମହିଳା ସଶକ୍ତିକରଣ ପାଇଁ ସ୍ୱୟଂ ସହାୟକ ଗୋଷ୍ଠୀଙ୍କୁ ପ୍ରୋତ୍ସାହନ ଦିଆଯାଉ। ଶିଶୁଙ୍କ ପୁଷ୍ଟିହୀନତା ଦୂର କରିବା ପାଇଁ ଅଙ୍ଗନୱାଡ଼ି କେନ୍ଦ୍ରଗୁଡ଼ିକୁ ସୁଦୃଢ଼ କରାଯାଉ।
ମାନସ କୁମାର କର, ଖୋର୍ଦ୍ଧା, ମୋ: ୭୩୮୧୩୮୭୭୨୦
ଲେଖା ଓ ଲୋକମତ ପାଇଁ: sakalaeditorial@gmail.com	ଦୈନିକ 'ସକାଳ' ଓ ଏହାର ବିଶେଷ ଅନୁଷ୍ଠାନ, ପତ୍ରିକା ଅଧିକାର ପ୍ରକାଶିତ ଆଲେଖ୍ୟର ଉକ୍ତି, ତଥ୍ୟ, ମତାମତ, ବିଶ୍ଳେଷଣ ସମ୍ପୂର୍ଣ୍ଣ ଲେଖକଙ୍କ ନିଜସ୍ୱ। ସେଥିପାଇଁ 'ସକାଳ' କର୍ତ୍ତୃପକ୍ଷ ଉତ୍ତରଦାୟୀ ହେବେ ନାହିଁ।
